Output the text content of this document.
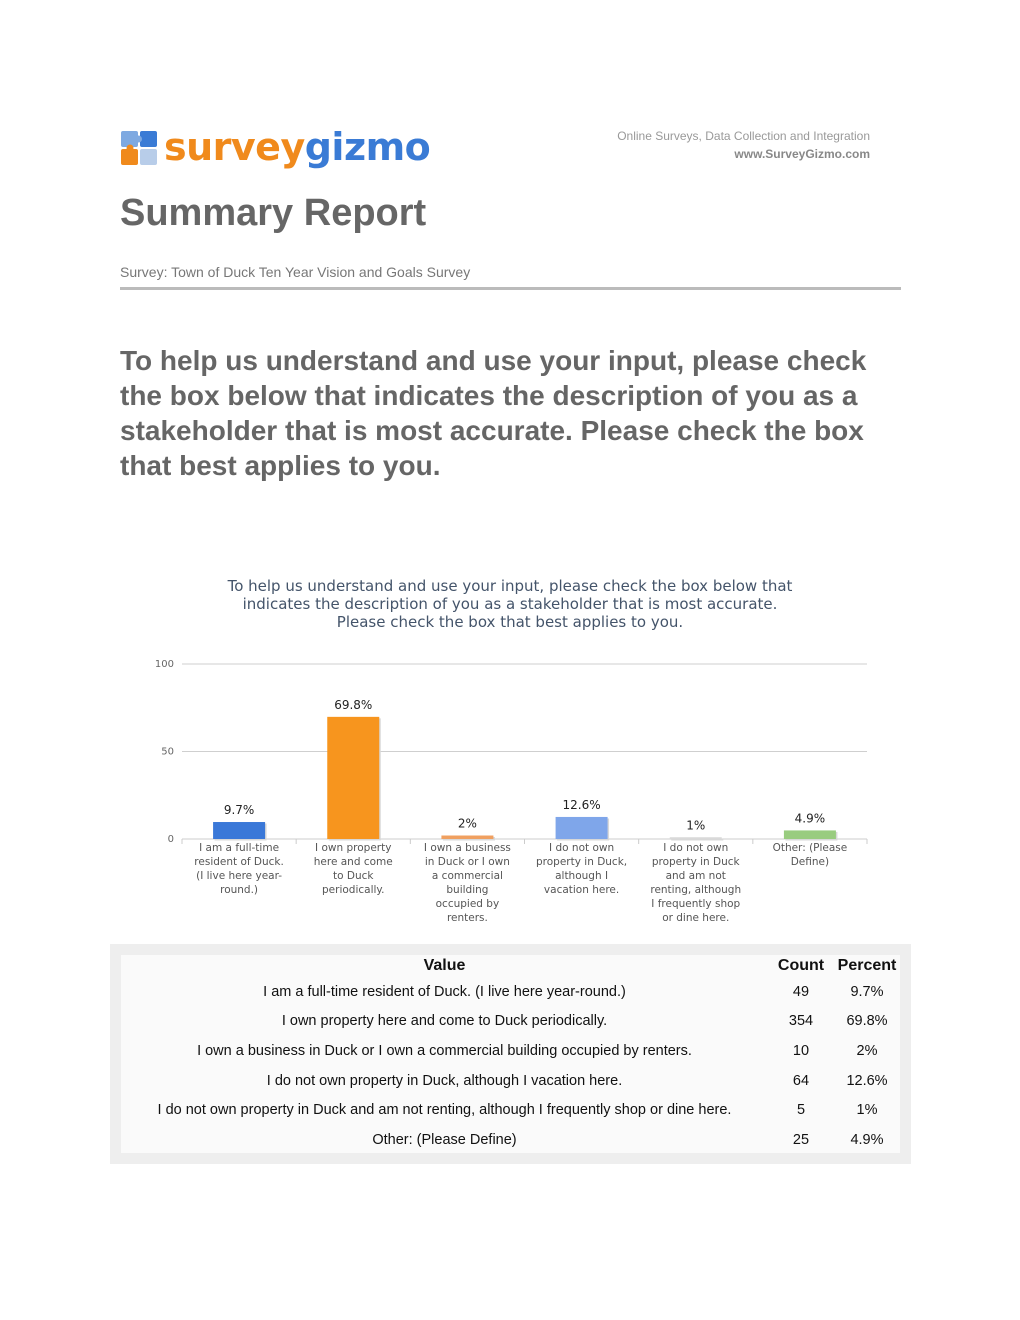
surveygizmo	Online Surveys, Data Collection and Integration
www.SurveyGizmo.com
Summary Report
Survey: Town of Duck Ten Year Vision and Goals Survey
To help us understand and use your input, please check the box below that indicates the description of you as a stakeholder that is most accurate. Please check the box that best applies to you.
To help us understand and use your input, please check the box below that
indicates the description of you as a stakeholder that is most accurate.
Please check the box that best applies to you.
0
50
100
9.7%
69.8%
2%
12.6%
1%	4.9%
I am a full-time resident of Duck. (I live here year-round.)
I own property here and come to Duck periodically.
I own a business in Duck or I own a commercial building occupied by renters.
I do not own property in Duck, although I vacation here.
I do not own property in Duck and am not renting, although I frequently shop or dine here.
Other: (Please Define)
Value	Count	Percent
I am a full-time resident of Duck. (I live here year-round.)	49	9.7%
I own property here and come to Duck periodically.	354	69.8%
I own a business in Duck or I own a commercial building occupied by renters.	10	2%
I do not own property in Duck, although I vacation here.	64	12.6%
I do not own property in Duck and am not renting, although I frequently shop or dine here.	5	1%
Other: (Please Define)	25	4.9%
